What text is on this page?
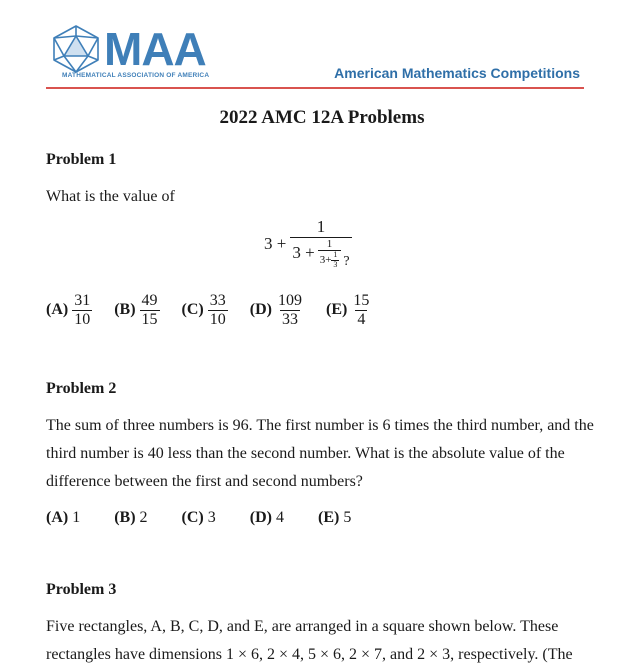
MAA
MATHEMATICAL ASSOCIATION OF AMERICA	American Mathematics Competitions
2022 AMC 12A Problems
Problem 1
What is the value of
3 +
1
$3 + \frac{1}{3+ \frac{1}{3}}$ ?
$(A) \frac{31}{10} (B) \frac{49}{15} (C) \frac{33}{10} (D) \frac{109}{33} (E) \frac{15}{4}$
Problem 2
The sum of three numbers is 96. The first number is 6 times the third number, and the third number is 40 less than the second number. What is the absolute value of the difference between the first and second numbers?
(A) 1 (B) 2 (C) 3 (D) 4 (E) 5
Problem 3
Five rectangles, A, B, C, D, and E, are arranged in a square shown below. These rectangles have dimensions 1 × 6, 2 × 4, 5 × 6, 2 × 7, and 2 × 3, respectively. (The
